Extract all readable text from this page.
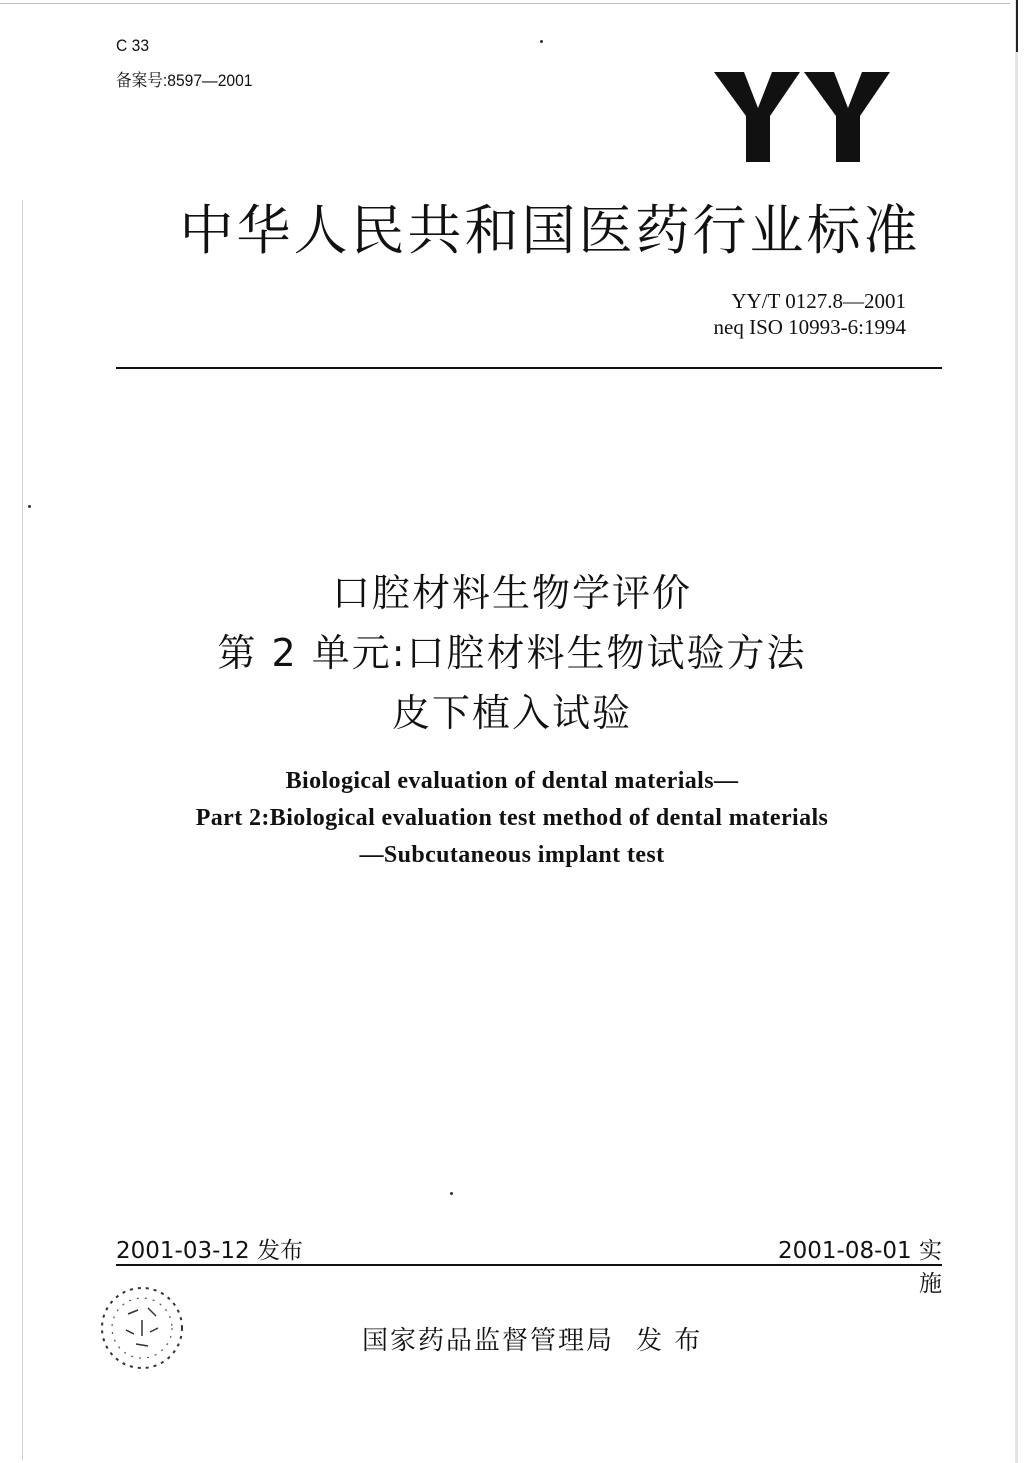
C 33
备案号:8597—2001	YY
中华人民共和国医药行业标准
YY/T 0127.8—2001
neq ISO 10993-6:1994
口腔材料生物学评价
第 2 单元:口腔材料生物试验方法
皮下植入试验
Biological evaluation of dental materials—
Part 2:Biological evaluation test method of dental materials
—Subcutaneous implant test
2001-03-12 发布	2001-08-01 实施
国家药品监督管理局 发 布
